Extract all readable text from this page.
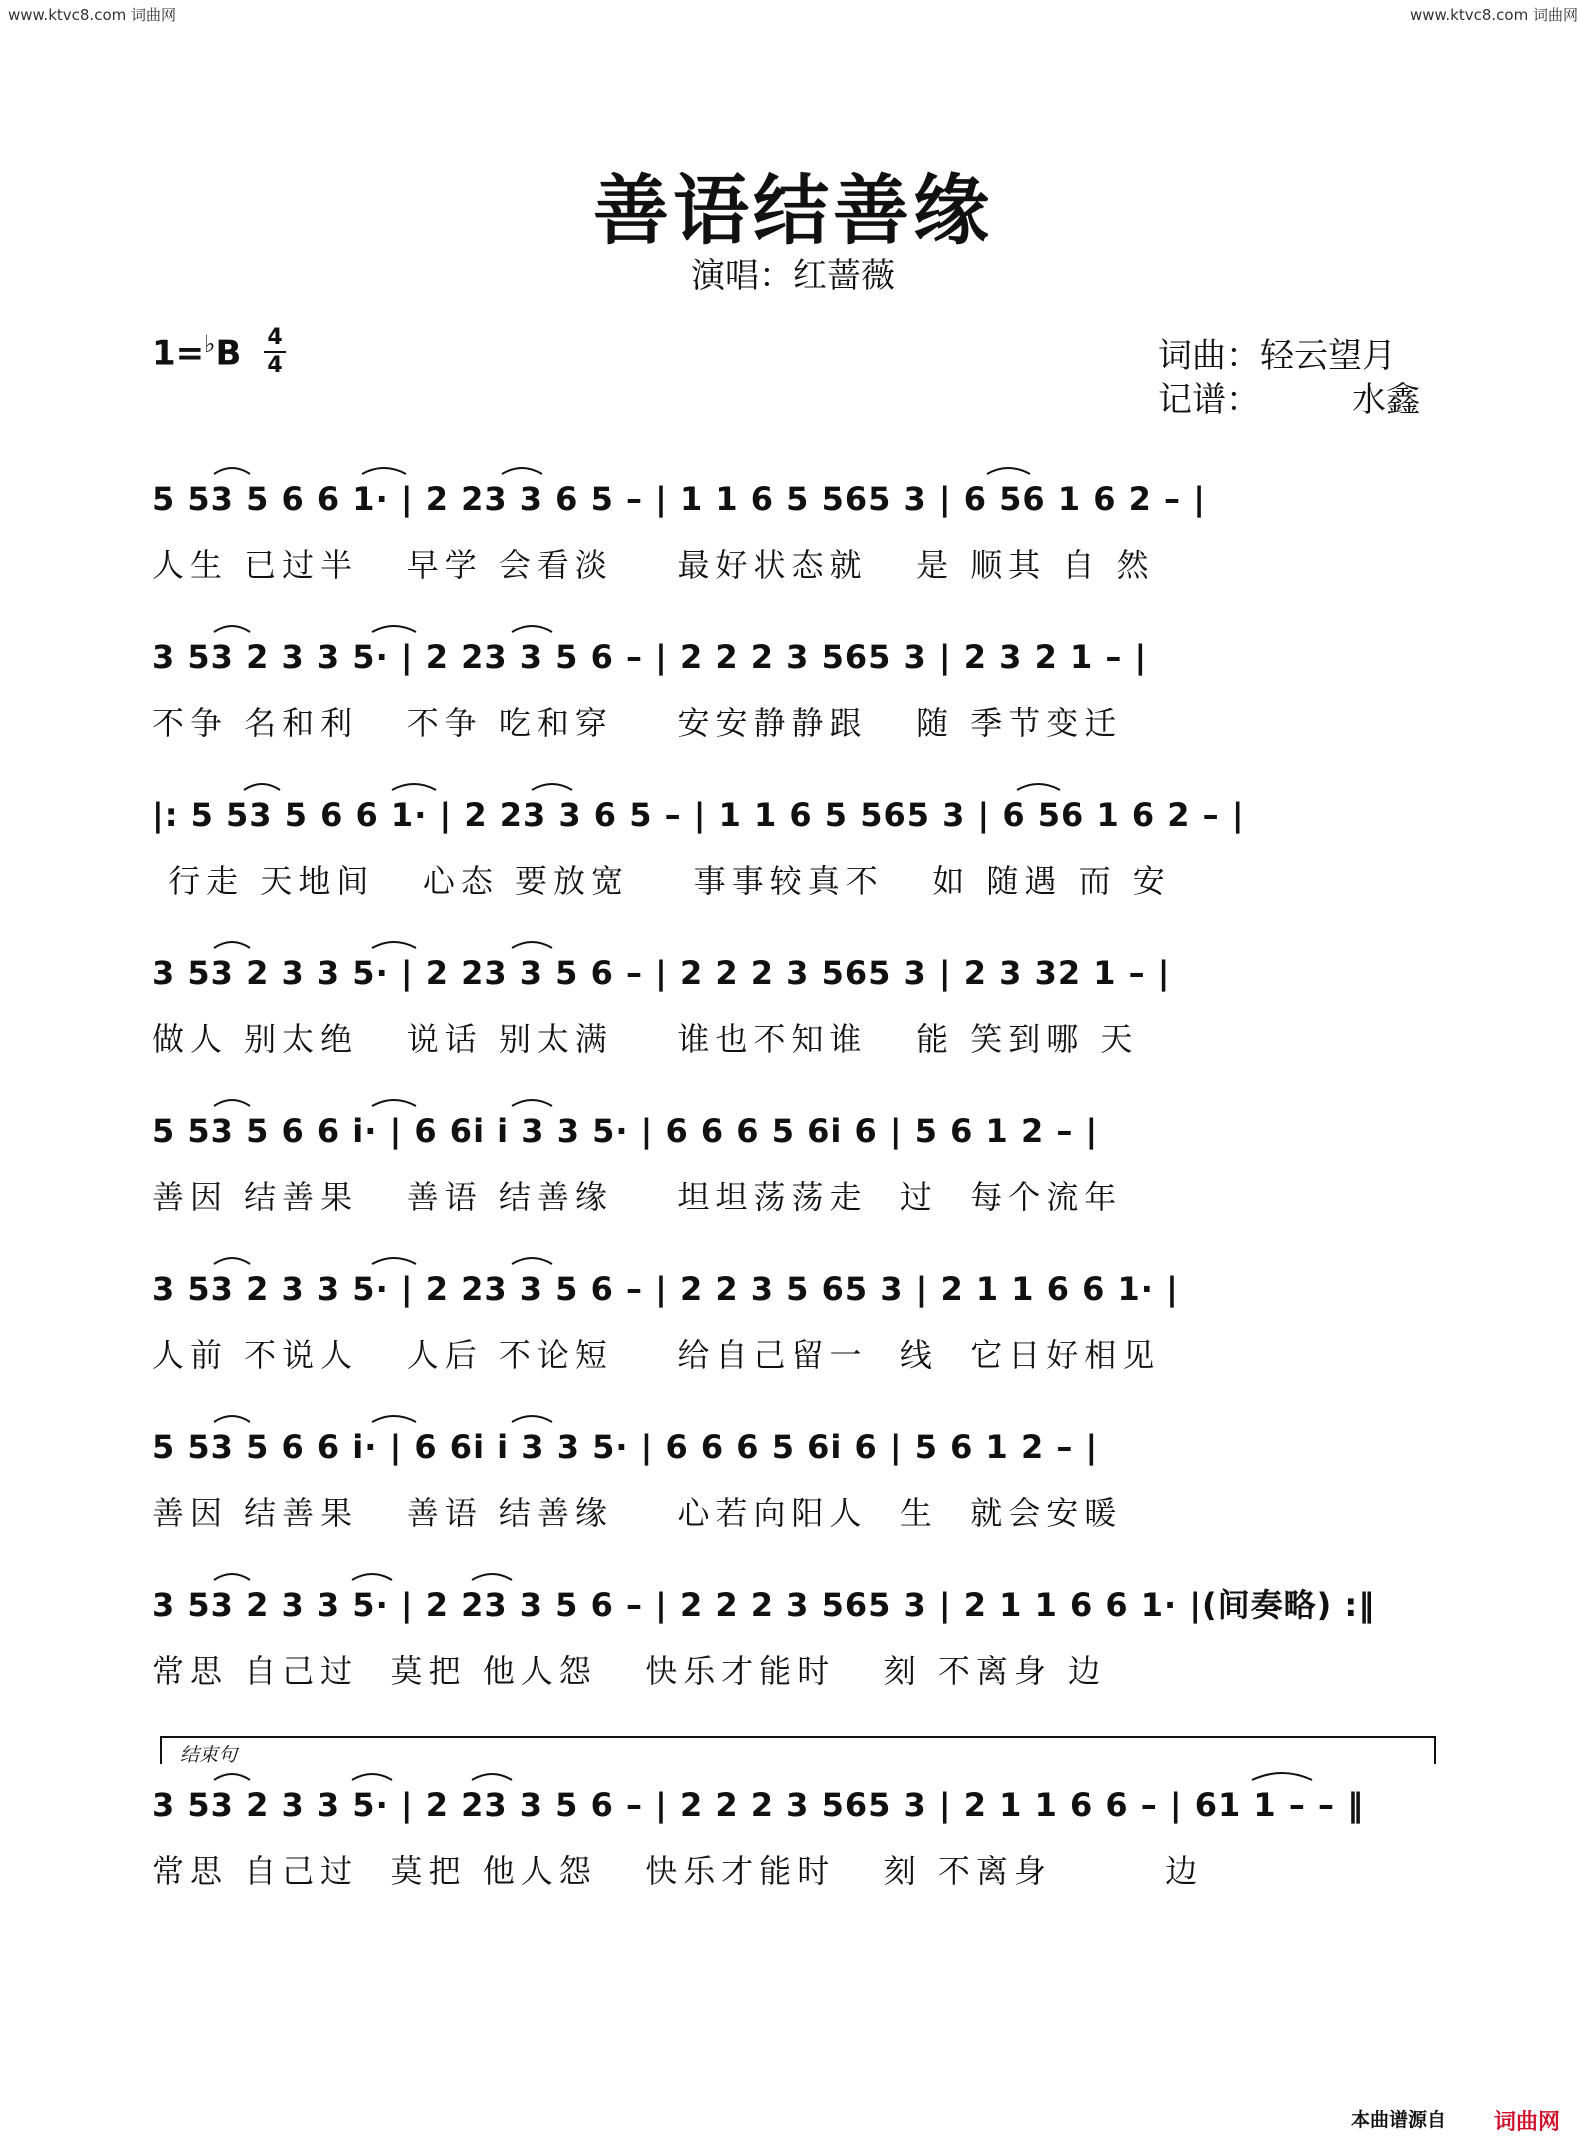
www.ktvc8.com 词曲网	www.ktvc8.com 词曲网
善语结善缘
演唱：红蔷薇
1=♭B 4
4	词曲：轻云望月
记谱：	水鑫
5 53 5 6 6 1· | 2 23 3 6 5 – | 1 1 6 5 565 3 | 6 56 1 6 2 – |
人生 已过半   早学 会看淡    最好状态就   是 顺其 自 然
3 53 2 3 3 5· | 2 23 3 5 6 – | 2 2 2 3 565 3 | 2 3 2 1 – |
不争 名和利   不争 吃和穿    安安静静跟   随 季节变迁
|: 5 53 5 6 6 1· | 2 23 3 6 5 – | 1 1 6 5 565 3 | 6 56 1 6 2 – |
行走 天地间   心态 要放宽    事事较真不   如 随遇 而 安
3 53 2 3 3 5· | 2 23 3 5 6 – | 2 2 2 3 565 3 | 2 3 32 1 – |
做人 别太绝   说话 别太满    谁也不知谁   能 笑到哪 天
5 53 5 6 6 i· | 6 6i i 3 3 5· | 6 6 6 5 6i 6 | 5 6 1 2 – |
善因 结善果   善语 结善缘    坦坦荡荡走  过  每个流年
3 53 2 3 3 5· | 2 23 3 5 6 – | 2 2 3 5 65 3 | 2 1 1 6 6 1· |
人前 不说人   人后 不论短    给自己留一  线  它日好相见
5 53 5 6 6 i· | 6 6i i 3 3 5· | 6 6 6 5 6i 6 | 5 6 1 2 – |
善因 结善果   善语 结善缘    心若向阳人  生  就会安暖
3 53 2 3 3 5· | 2 23 3 5 6 – | 2 2 2 3 565 3 | 2 1 1 6 6 1· |(间奏略) :‖
常思 自己过  莫把 他人怨   快乐才能时   刻 不离身 边
结束句
3 53 2 3 3 5· | 2 23 3 5 6 – | 2 2 2 3 565 3 | 2 1 1 6 6 – | 61 1 – – ‖
常思 自己过  莫把 他人怨   快乐才能时   刻 不离身       边
本曲谱源自 词曲网
